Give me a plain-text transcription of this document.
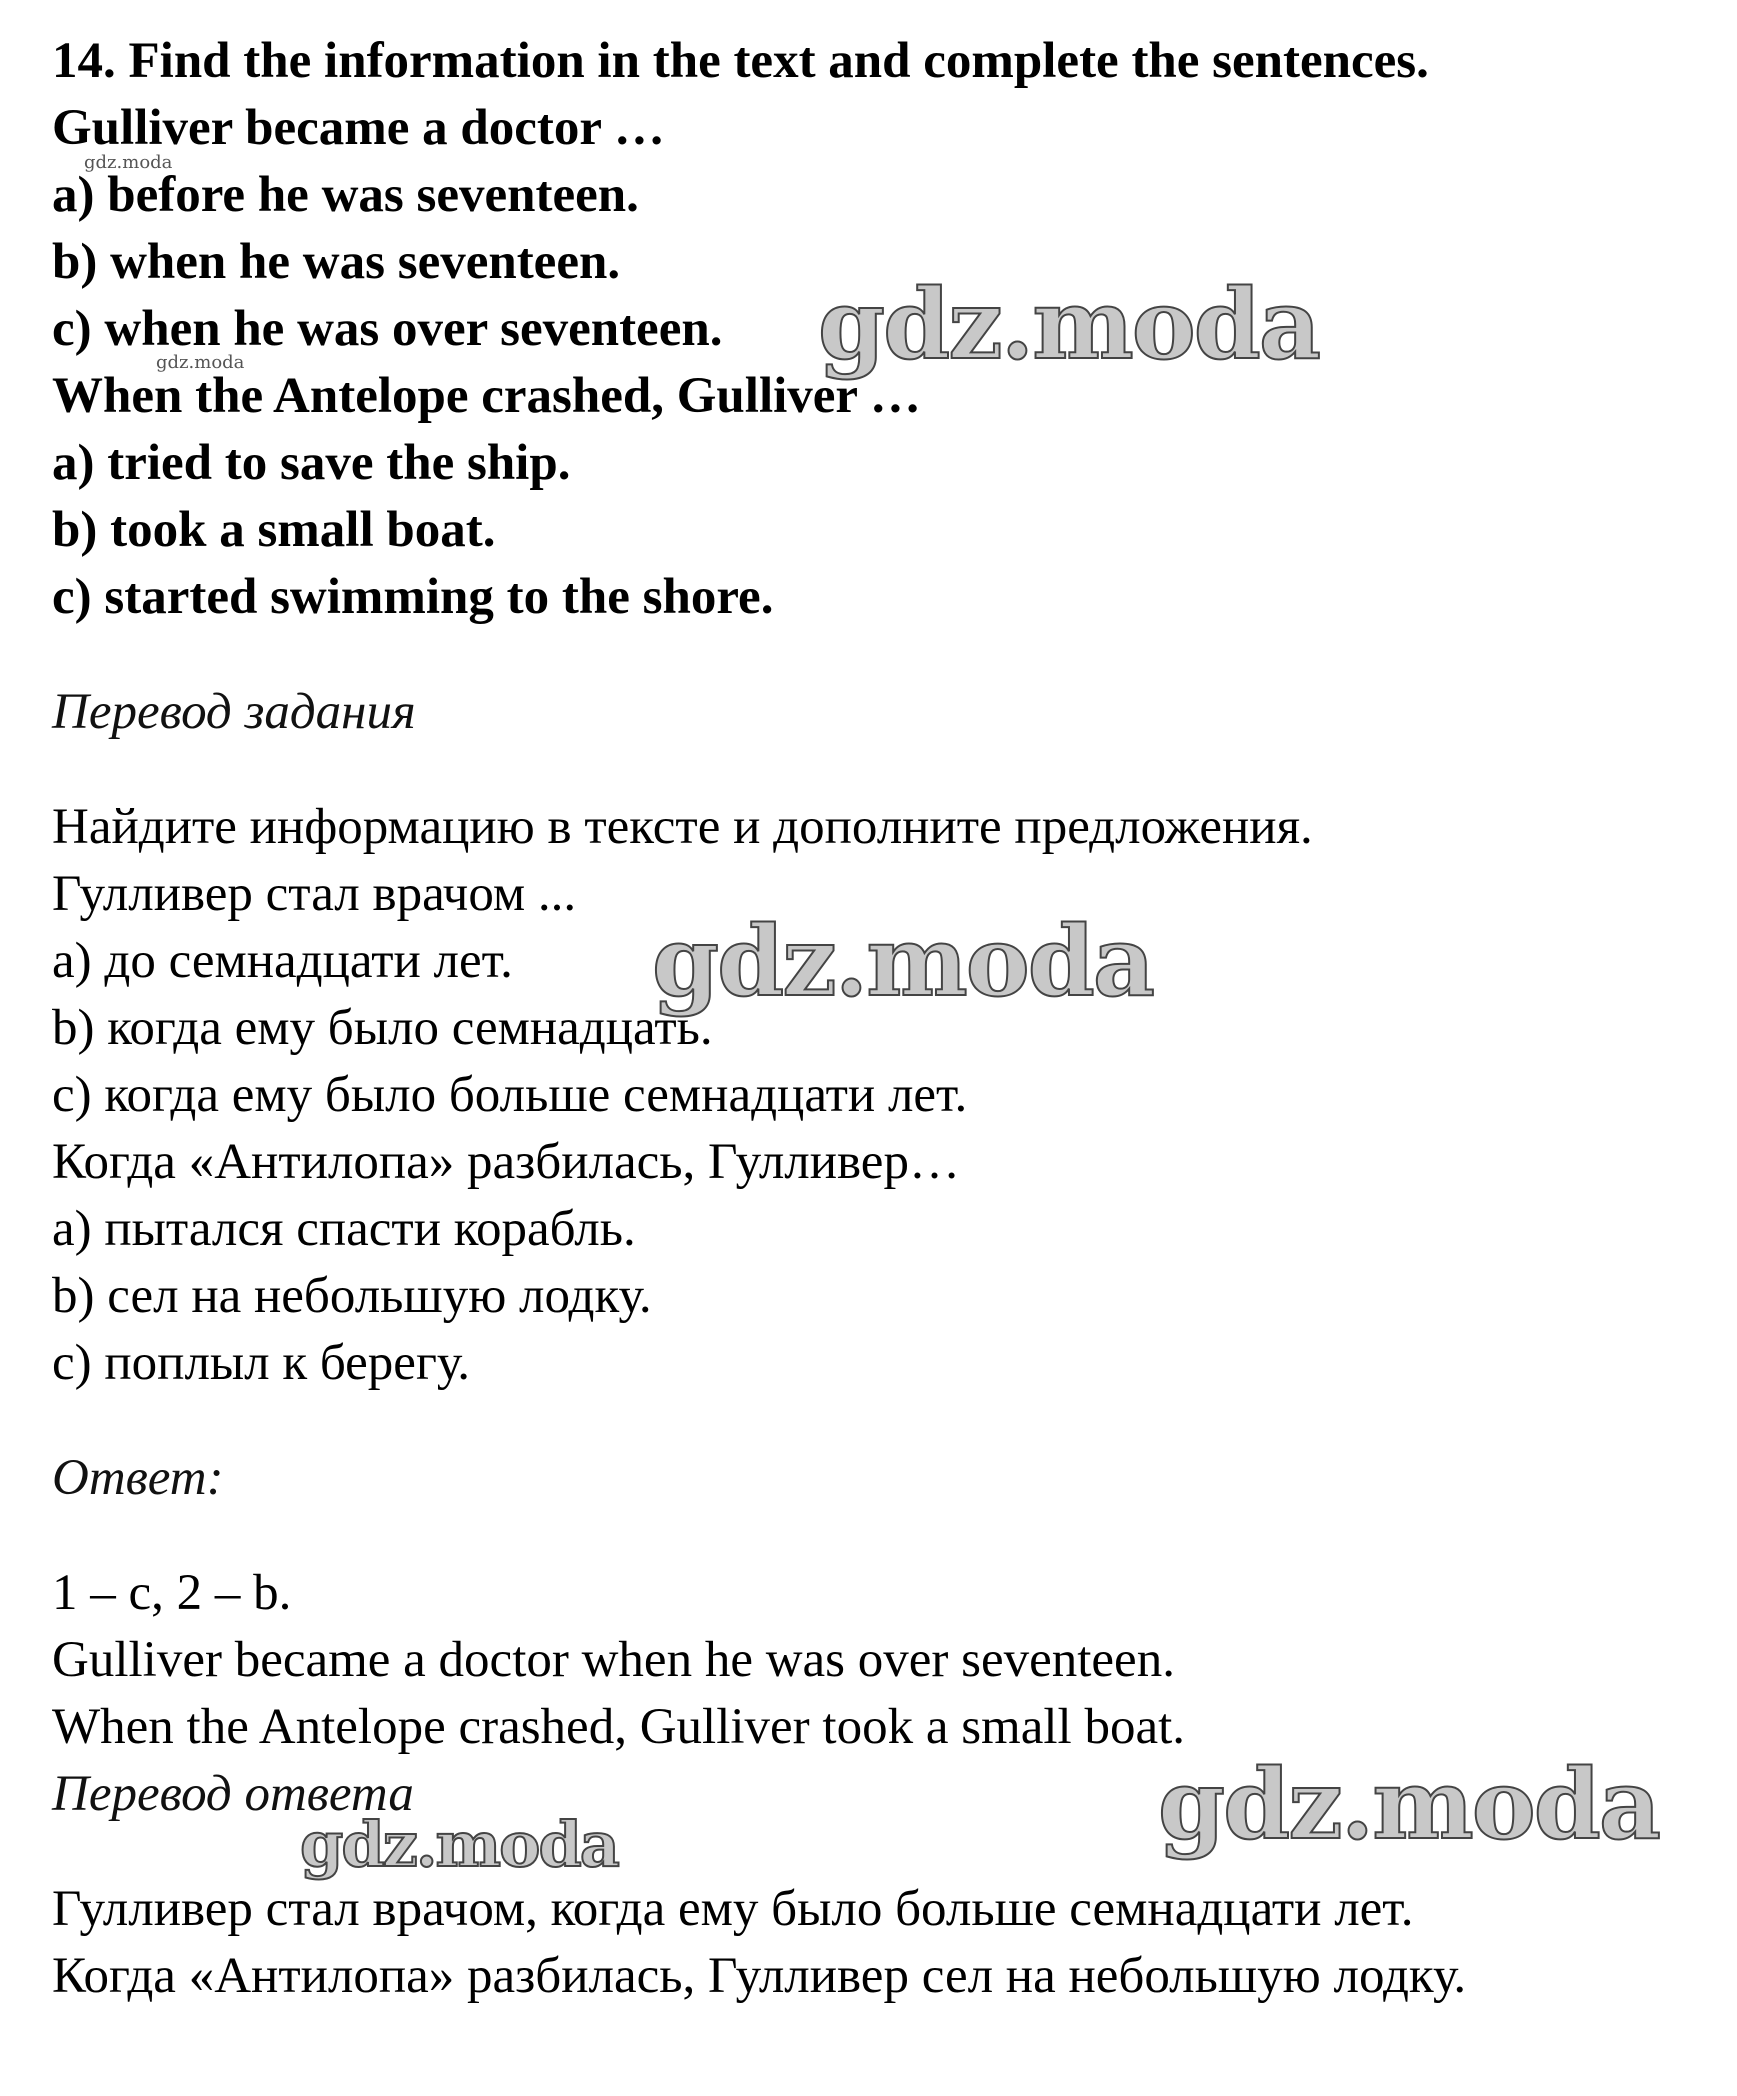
14. Find the information in the text and complete the sentences.

Gulliver became a doctor …

a) before he was seventeen.

b) when he was seventeen.

c) when he was over seventeen.

When the Antelope crashed, Gulliver …

a) tried to save the ship.

b) took a small boat.

c) started swimming to the shore.

Перевод задания

Найдите информацию в тексте и дополните предложения.

Гулливер стал врачом ...

a) до семнадцати лет.

b) когда ему было семнадцать.

c) когда ему было больше семнадцати лет.

Когда «Антилопа» разбилась, Гулливер…

a) пытался спасти корабль.

b) сел на небольшую лодку.

c) поплыл к берегу.

Ответ:

1 – c, 2 – b.

Gulliver became a doctor when he was over seventeen.

When the Antelope crashed, Gulliver took a small boat.

Перевод ответа

Гулливер стал врачом, когда ему было больше семнадцати лет.

Когда «Антилопа» разбилась, Гулливер сел на небольшую лодку.

gdz.moda
gdz.moda	gdz.moda
gdz.moda
gdz.moda
gdz.moda
